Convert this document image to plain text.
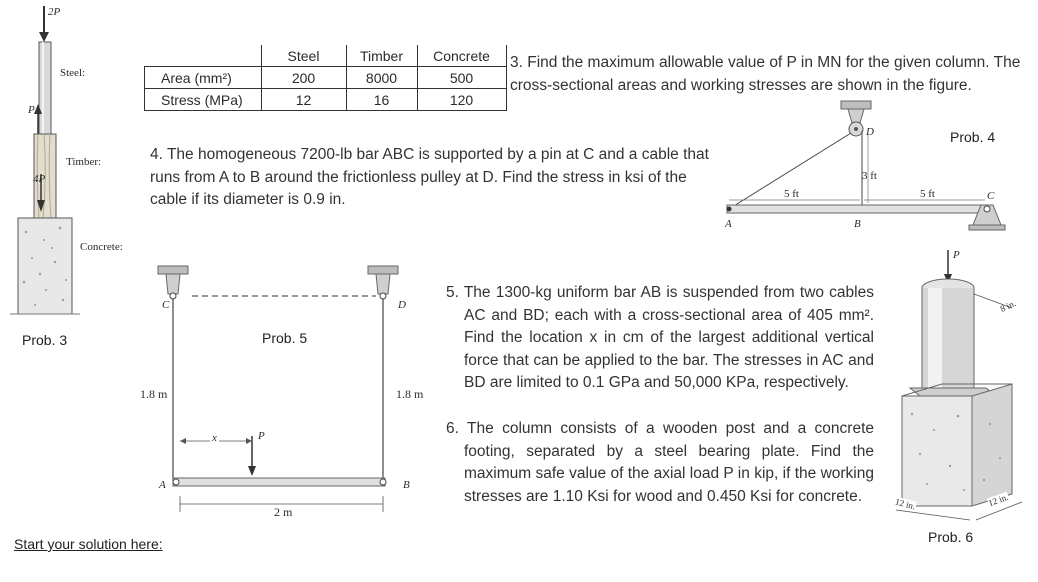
2P
P
4P
Steel:
Timber:
Concrete:
Prob. 3
	Steel	Timber	Concrete
Area (mm²)	200	8000	500
Stress (MPa)	12	16	120
3. Find the maximum allowable value of P in MN for the given column. The cross-sectional areas and working stresses are shown in the figure.
4. The homogeneous 7200-lb bar ABC is supported by a pin at C and a cable that runs from A to B around the frictionless pulley at D. Find the stress in ksi of the cable if its diameter is 0.9 in.
D
A	B
C
5 ft	5 ft
3 ft
Prob. 4
C	D
A	B
1.8 m	1.8 m
2 m
x	P
Prob. 5
5. The 1300-kg uniform bar AB is suspended from two cables AC and BD; each with a cross-sectional area of 405 mm². Find the location x in cm of the largest additional vertical force that can be applied to the bar. The stresses in AC and BD are limited to 0.1 GPa and 50,000 KPa, respectively.
6. The column consists of a wooden post and a concrete footing, separated by a steel bearing plate. Find the maximum safe value of the axial load P in kip, if the working stresses are 1.10 Ksi for wood and 0.450 Ksi for concrete.
P
8 in.
12 in.	12 in.
Prob. 6
Start your solution here:
